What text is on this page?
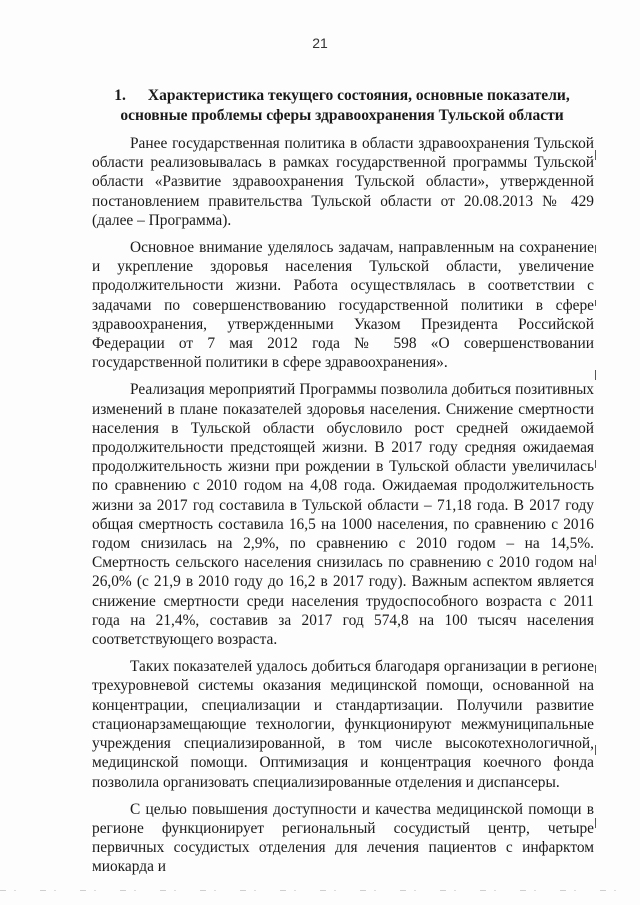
21
1. Характеристика текущего состояния, основные показатели, основные проблемы сферы здравоохранения Тульской области

Ранее государственная политика в области здравоохранения Тульской области реализовывалась в рамках государственной программы Тульской области «Развитие здравоохранения Тульской области», утвержденной постановлением правительства Тульской области от 20.08.2013 № 429 (далее – Программа).

Основное внимание уделялось задачам, направленным на сохранение и укрепление здоровья населения Тульской области, увеличение продолжительности жизни. Работа осуществлялась в соответствии с задачами по совершенствованию государственной политики в сфере здравоохранения, утвержденными Указом Президента Российской Федерации от 7 мая 2012 года № 598 «О совершенствовании государственной политики в сфере здравоохранения».

Реализация мероприятий Программы позволила добиться позитивных изменений в плане показателей здоровья населения. Снижение смертности населения в Тульской области обусловило рост средней ожидаемой продолжительности предстоящей жизни. В 2017 году средняя ожидаемая продолжительность жизни при рождении в Тульской области увеличилась по сравнению с 2010 годом на 4,08 года. Ожидаемая продолжительность жизни за 2017 год составила в Тульской области – 71,18 года. В 2017 году общая смертность составила 16,5 на 1000 населения, по сравнению с 2016 годом снизилась на 2,9%, по сравнению с 2010 годом – на 14,5%. Смертность сельского населения снизилась по сравнению с 2010 годом на 26,0% (с 21,9 в 2010 году до 16,2 в 2017 году). Важным аспектом является снижение смертности среди населения трудоспособного возраста с 2011 года на 21,4%, составив за 2017 год 574,8 на 100 тысяч населения соответствующего возраста.

Таких показателей удалось добиться благодаря организации в регионе трехуровневой системы оказания медицинской помощи, основанной на концентрации, специализации и стандартизации. Получили развитие стационарзамещающие технологии, функционируют межмуниципальные учреждения специализированной, в том числе высокотехнологичной, медицинской помощи. Оптимизация и концентрация коечного фонда позволила организовать специализированные отделения и диспансеры.

С целью повышения доступности и качества медицинской помощи в регионе функционирует региональный сосудистый центр, четыре первичных сосудистых отделения для лечения пациентов с инфарктом миокарда и
